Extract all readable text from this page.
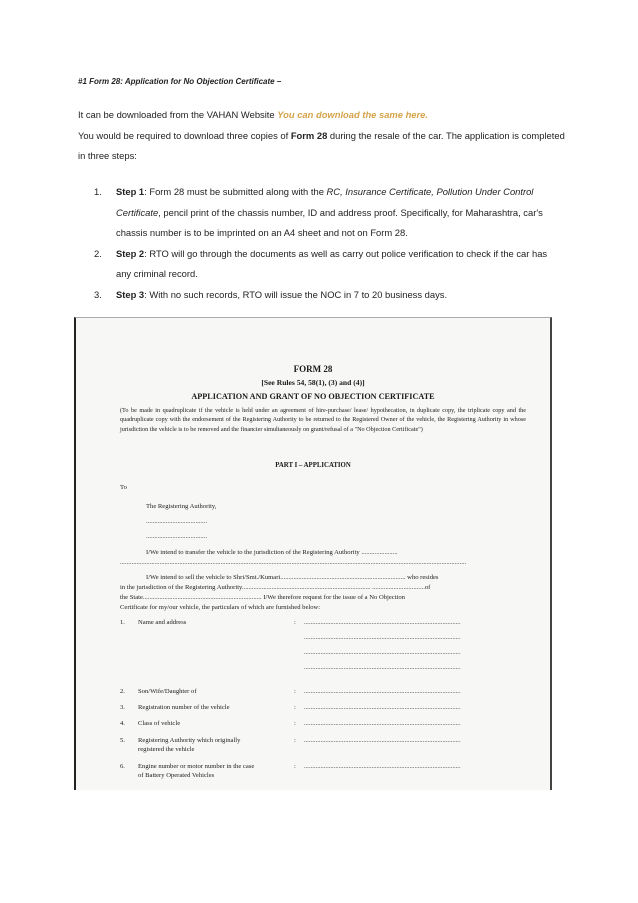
#1 Form 28: Application for No Objection Certificate –
It can be downloaded from the VAHAN Website You can download the same here.
You would be required to download three copies of Form 28 during the resale of the car. The application is completed in three steps:
1. Step 1: Form 28 must be submitted along with the RC, Insurance Certificate, Pollution Under Control Certificate, pencil print of the chassis number, ID and address proof. Specifically, for Maharashtra, car's chassis number is to be imprinted on an A4 sheet and not on Form 28.
2. Step 2: RTO will go through the documents as well as carry out police verification to check if the car has any criminal record.
3. Step 3: With no such records, RTO will issue the NOC in 7 to 20 business days.
FORM 28
[See Rules 54, 58(1), (3) and (4)]
APPLICATION AND GRANT OF NO OBJECTION CERTIFICATE
(To be made in quadruplicate if the vehicle is held under an agreement of hire-purchase/ lease/ hypothecation, in duplicate copy, the triplicate copy and the quadruplicate copy with the endorsement of the Registering Authority to be returned to the Registered Owner of the vehicle, the Registering Authority in whose jurisdiction the vehicle is to be removed and the financier simultaneously on grant/refusal of a "No Objection Certificate")
PART I – APPLICATION
To
The Registering Authority,
.....................................
.....................................
I/We intend to transfer the vehicle to the jurisdiction of the Registering Authority ......................
..................................................................................................................................................................................................................
I/We intend to sell the vehicle to Shri/Smt./Kumari............................................................................ who resides
in the jurisdiction of the Registering Authority.............................................................................. ................................of
the State........................................................................ I/We therefore request for the issue of a No Objection
Certificate for my/our vehicle, the particulars of which are furnished below:
1. Name and address	: ...............................................................................................
...............................................................................................
...............................................................................................
...............................................................................................
2. Son/Wife/Daughter of	: ...............................................................................................
3. Registration number of the vehicle	: ...............................................................................................
4. Class of vehicle	: ...............................................................................................
5. Registering Authority which originally
registered the vehicle
: ...............................................................................................
6. Engine number or motor number in the case
of Battery Operated Vehicles
: ...............................................................................................
